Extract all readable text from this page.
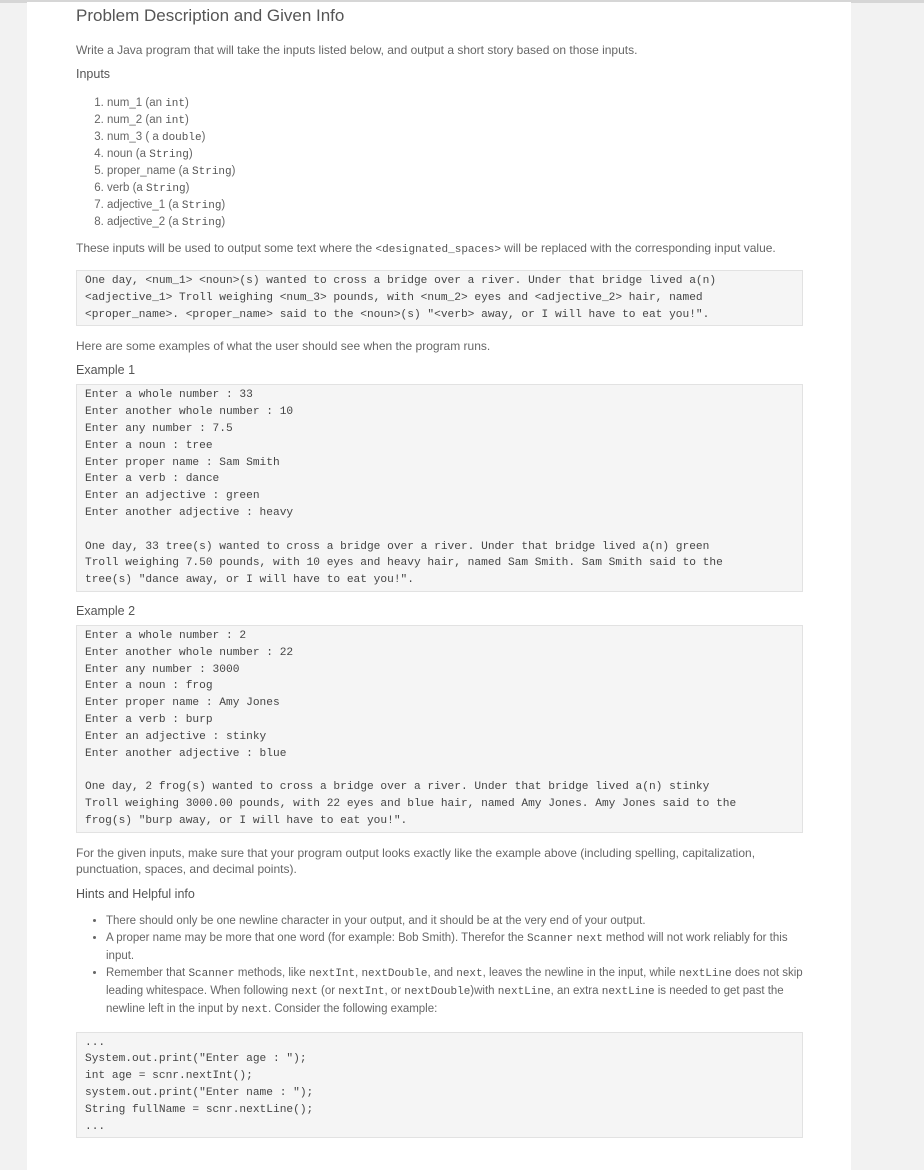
Problem Description and Given Info

Write a Java program that will take the inputs listed below, and output a short story based on those inputs.

Inputs
1. num_1 (an int)
2. num_2 (an int)
3. num_3 ( a double)
4. noun (a String)
5. proper_name (a String)
6. verb (a String)
7. adjective_1 (a String)
8. adjective_2 (a String)

These inputs will be used to output some text where the <designated_spaces> will be replaced with the corresponding input value.

One day, <num_1> <noun>(s) wanted to cross a bridge over a river. Under that bridge lived a(n)
<adjective_1> Troll weighing <num_3> pounds, with <num_2> eyes and <adjective_2> hair, named
<proper_name>. <proper_name> said to the <noun>(s) "<verb> away, or I will have to eat you!".

Here are some examples of what the user should see when the program runs.

Example 1
Enter a whole number : 33
Enter another whole number : 10
Enter any number : 7.5
Enter a noun : tree
Enter proper name : Sam Smith
Enter a verb : dance
Enter an adjective : green
Enter another adjective : heavy

One day, 33 tree(s) wanted to cross a bridge over a river. Under that bridge lived a(n) green
Troll weighing 7.50 pounds, with 10 eyes and heavy hair, named Sam Smith. Sam Smith said to the
tree(s) "dance away, or I will have to eat you!".
Example 2
Enter a whole number : 2
Enter another whole number : 22
Enter any number : 3000
Enter a noun : frog
Enter proper name : Amy Jones
Enter a verb : burp
Enter an adjective : stinky
Enter another adjective : blue

One day, 2 frog(s) wanted to cross a bridge over a river. Under that bridge lived a(n) stinky
Troll weighing 3000.00 pounds, with 22 eyes and blue hair, named Amy Jones. Amy Jones said to the
frog(s) "burp away, or I will have to eat you!".

For the given inputs, make sure that your program output looks exactly like the example above (including spelling, capitalization, punctuation, spaces, and decimal points).

Hints and Helpful info
• There should only be one newline character in your output, and it should be at the very end of your output.
• A proper name may be more that one word (for example: Bob Smith). Therefor the Scanner next method will not work reliably for this input.
• Remember that Scanner methods, like nextInt, nextDouble, and next, leaves the newline in the input, while nextLine does not skip leading whitespace. When following next (or nextInt, or nextDouble)with nextLine, an extra nextLine is needed to get past the newline left in the input by next. Consider the following example:
...
System.out.print("Enter age : ");
int age = scnr.nextInt();
system.out.print("Enter name : ");
String fullName = scnr.nextLine();
...
